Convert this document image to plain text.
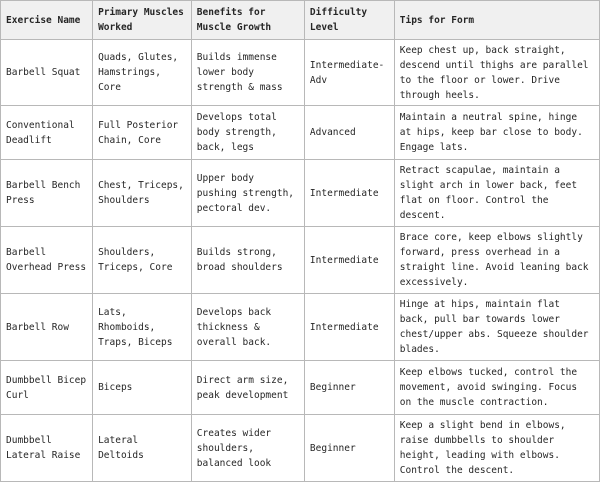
Exercise Name	Primary Muscles Worked	Benefits for Muscle Growth	Difficulty Level	Tips for Form
Barbell Squat	Quads, Glutes, Hamstrings, Core	Builds immense lower body strength & mass	Intermediate-Adv	Keep chest up, back straight, descend until thighs are parallel to the floor or lower. Drive through heels.
Conventional Deadlift	Full Posterior Chain, Core	Develops total body strength, back, legs	Advanced	Maintain a neutral spine, hinge at hips, keep bar close to body. Engage lats.
Barbell Bench Press	Chest, Triceps, Shoulders	Upper body pushing strength, pectoral dev.	Intermediate	Retract scapulae, maintain a slight arch in lower back, feet flat on floor. Control the descent.
Barbell Overhead Press	Shoulders, Triceps, Core	Builds strong, broad shoulders	Intermediate	Brace core, keep elbows slightly forward, press overhead in a straight line. Avoid leaning back excessively.
Barbell Row	Lats, Rhomboids, Traps, Biceps	Develops back thickness & overall back.	Intermediate	Hinge at hips, maintain flat back, pull bar towards lower chest/upper abs. Squeeze shoulder blades.
Dumbbell Bicep Curl	Biceps	Direct arm size, peak development	Beginner	Keep elbows tucked, control the movement, avoid swinging. Focus on the muscle contraction.
Dumbbell Lateral Raise	Lateral Deltoids	Creates wider shoulders, balanced look	Beginner	Keep a slight bend in elbows, raise dumbbells to shoulder height, leading with elbows. Control the descent.
